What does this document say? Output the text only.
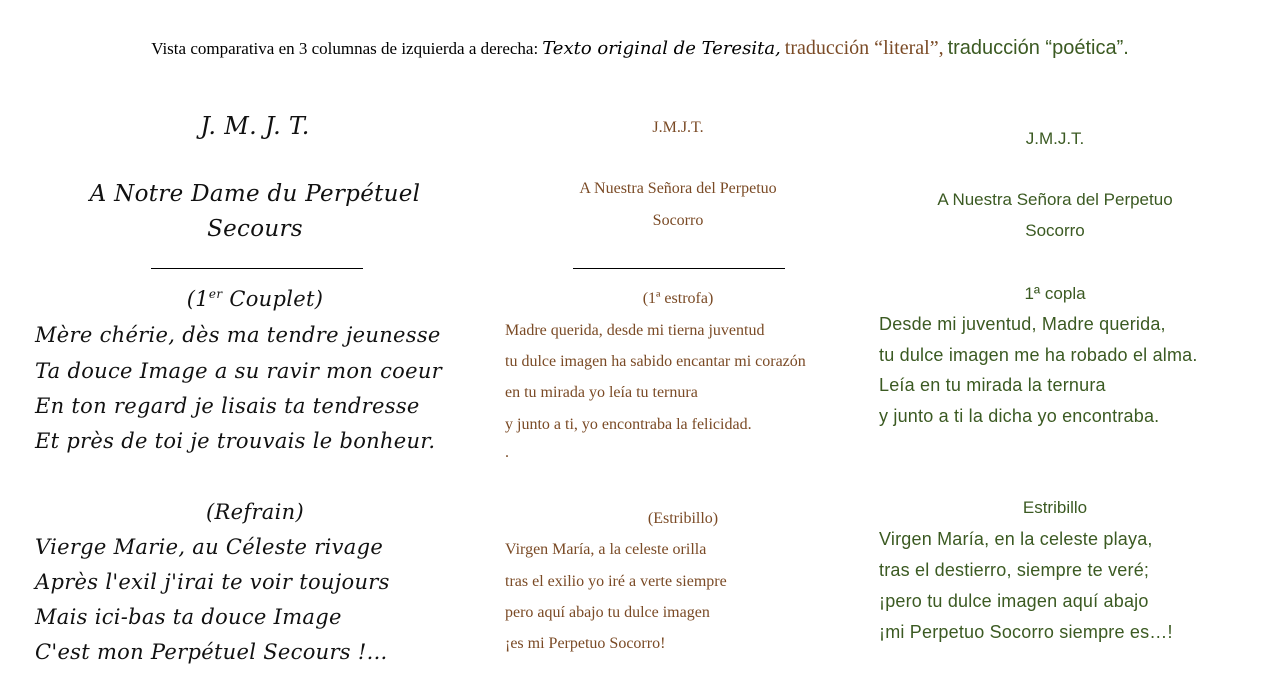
Vista comparativa en 3 columnas de izquierda a derecha: Texto original de Teresita, traducción “literal”, traducción “poética”.
J. M. J. T.
A Notre Dame du Perpétuel
Secours
(1er Couplet)
Mère chérie, dès ma tendre jeunesse
Ta douce Image a su ravir mon coeur
En ton regard je lisais ta tendresse
Et près de toi je trouvais le bonheur.
(Refrain)
Vierge Marie, au Céleste rivage
Après l'exil j'irai te voir toujours
Mais ici-bas ta douce Image
C'est mon Perpétuel Secours !...
J.M.J.T.
A Nuestra Señora del Perpetuo
Socorro
(1ª estrofa)
Madre querida, desde mi tierna juventud
tu dulce imagen ha sabido encantar mi corazón
en tu mirada yo leía tu ternura
y junto a ti, yo encontraba la felicidad.
.
(Estribillo)
Virgen María, a la celeste orilla
tras el exilio yo iré a verte siempre
pero aquí abajo tu dulce imagen
¡es mi Perpetuo Socorro!
J.M.J.T.
A Nuestra Señora del Perpetuo
Socorro
1ª copla
Desde mi juventud, Madre querida,
tu dulce imagen me ha robado el alma.
Leía en tu mirada la ternura
y junto a ti la dicha yo encontraba.
Estribillo
Virgen María, en la celeste playa,
tras el destierro, siempre te veré;
¡pero tu dulce imagen aquí abajo
¡mi Perpetuo Socorro siempre es…!
